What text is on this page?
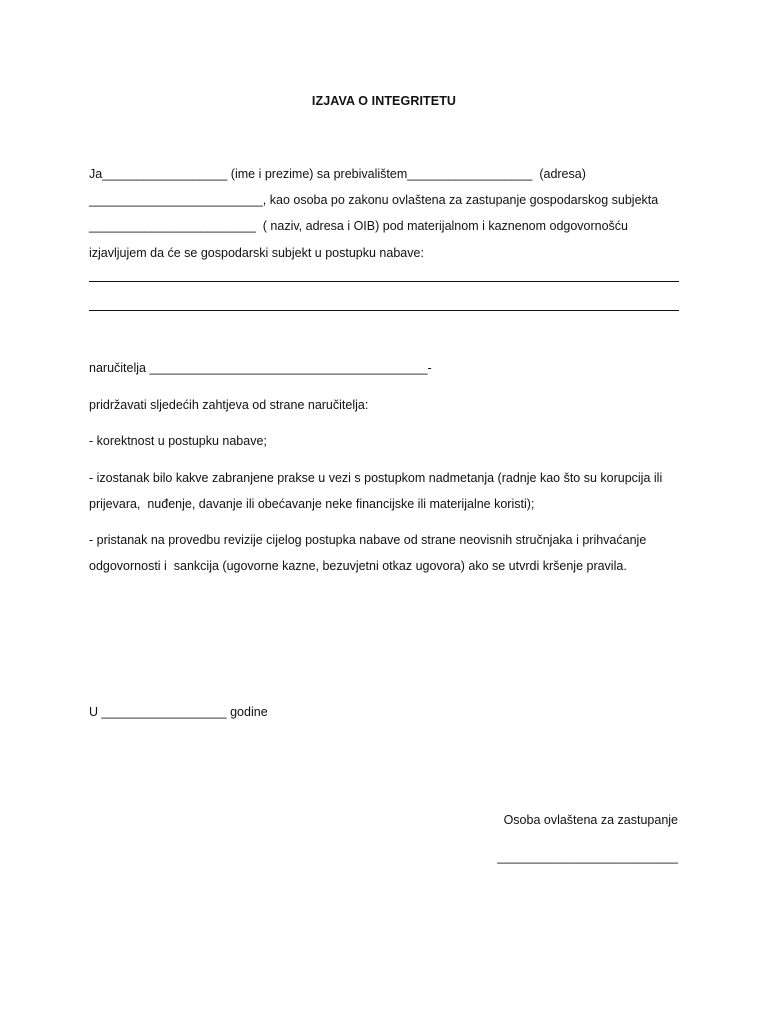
IZJAVA O INTEGRITETU
Ja__________________ (ime i prezime) sa prebivalištem__________________  (adresa)
_________________________, kao osoba po zakonu ovlaštena za zastupanje gospodarskog subjekta
________________________  ( naziv, adresa i OIB) pod materijalnom i kaznenom odgovornošću
izjavljujem da će se gospodarski subjekt u postupku nabave:
naručitelja ________________________________________-
pridržavati sljedećih zahtjeva od strane naručitelja:
- korektnost u postupku nabave;
- izostanak bilo kakve zabranjene prakse u vezi s postupkom nadmetanja (radnje kao što su korupcija ili
prijevara,  nuđenje, davanje ili obećavanje neke financijske ili materijalne koristi);
- pristanak na provedbu revizije cijelog postupka nabave od strane neovisnih stručnjaka i prihvaćanje
odgovornosti i  sankcija (ugovorne kazne, bezuvjetni otkaz ugovora) ako se utvrdi kršenje pravila.
U __________________ godine
Osoba ovlaštena za zastupanje
__________________________
